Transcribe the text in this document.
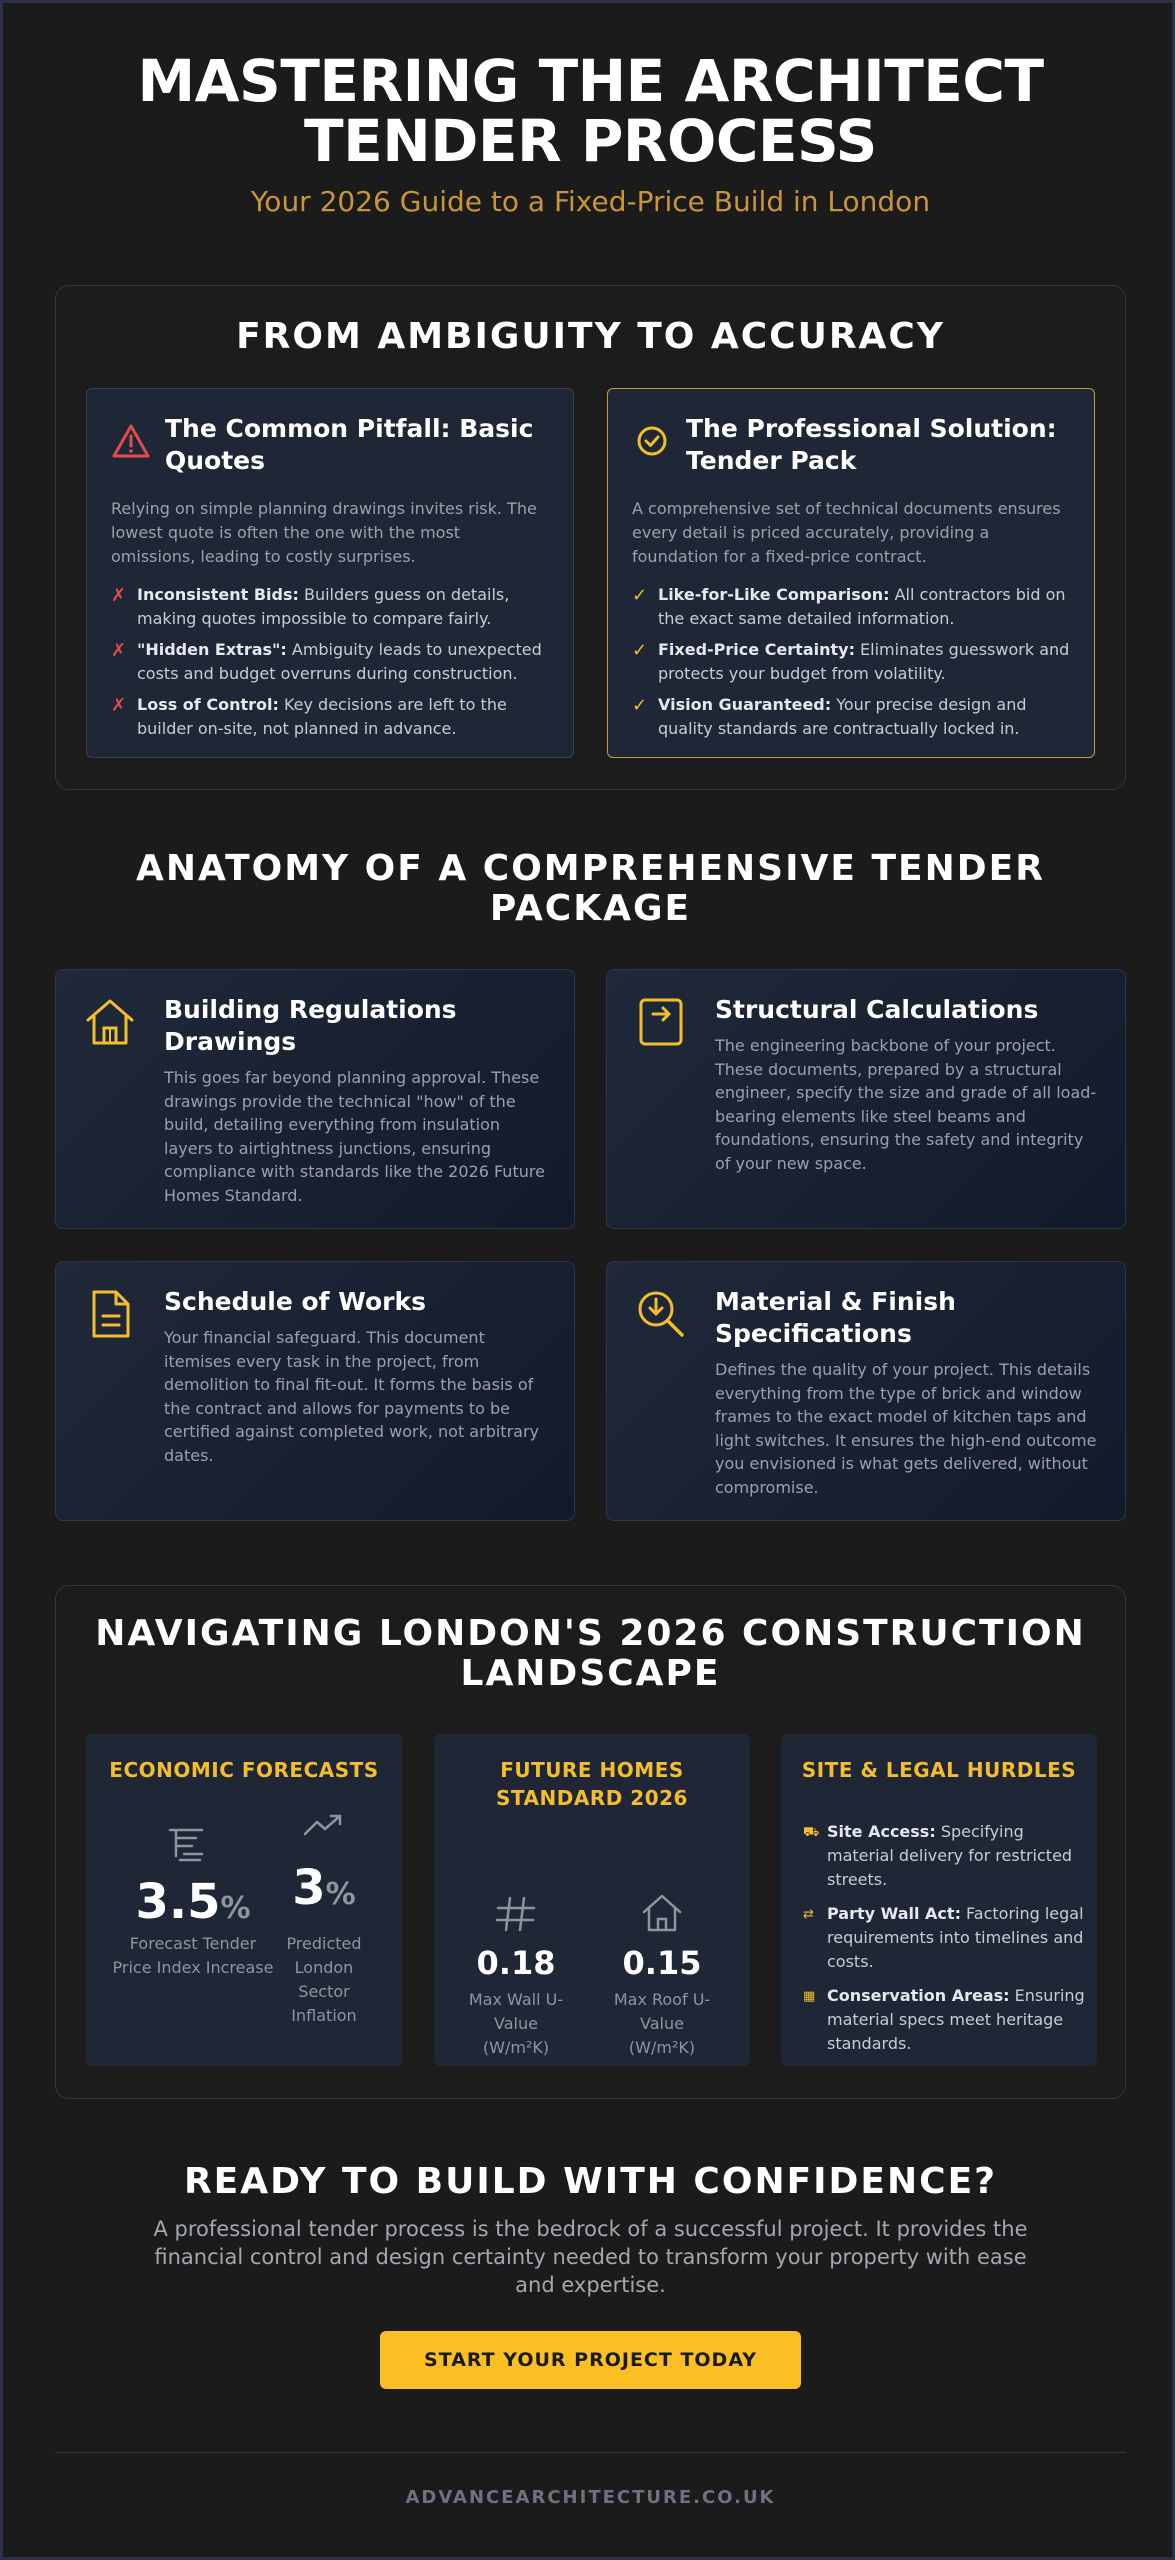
MASTERING THE ARCHITECT
TENDER PROCESS
Your 2026 Guide to a Fixed-Price Build in London
FROM AMBIGUITY TO ACCURACY
The Common Pitfall: Basic Quotes

Relying on simple planning drawings invites risk. The lowest quote is often the one with the most omissions, leading to costly surprises.

✗ Inconsistent Bids: Builders guess on details, making quotes impossible to compare fairly.
✗ "Hidden Extras": Ambiguity leads to unexpected costs and budget overruns during construction.
✗ Loss of Control: Key decisions are left to the builder on-site, not planned in advance.
The Professional Solution: Tender Pack

A comprehensive set of technical documents ensures every detail is priced accurately, providing a foundation for a fixed-price contract.

✓ Like-for-Like Comparison: All contractors bid on the exact same detailed information.
✓ Fixed-Price Certainty: Eliminates guesswork and protects your budget from volatility.
✓ Vision Guaranteed: Your precise design and quality standards are contractually locked in.
ANATOMY OF A COMPREHENSIVE TENDER
PACKAGE
Building Regulations Drawings

This goes far beyond planning approval. These drawings provide the technical "how" of the build, detailing everything from insulation layers to airtightness junctions, ensuring compliance with standards like the 2026 Future Homes Standard.

Structural Calculations

The engineering backbone of your project. These documents, prepared by a structural engineer, specify the size and grade of all load-bearing elements like steel beams and foundations, ensuring the safety and integrity of your new space.

Schedule of Works

Your financial safeguard. This document itemises every task in the project, from demolition to final fit-out. It forms the basis of the contract and allows for payments to be certified against completed work, not arbitrary dates.

Material & Finish Specifications

Defines the quality of your project. This details everything from the type of brick and window frames to the exact model of kitchen taps and light switches. It ensures the high-end outcome you envisioned is what gets delivered, without compromise.

NAVIGATING LONDON'S 2026 CONSTRUCTION
LANDSCAPE
ECONOMIC FORECASTS
3.5%
Forecast Tender
Price Index Increase
3%
Predicted
London
Sector
Inflation
FUTURE HOMES
STANDARD 2026
0.18
Max Wall U-
Value
(W/m²K)
0.15
Max Roof U-
Value
(W/m²K)
SITE & LEGAL HURDLES
⛟ Site Access: Specifying material delivery for restricted streets.
⇄ Party Wall Act: Factoring legal requirements into timelines and costs.
▦ Conservation Areas: Ensuring material specs meet heritage standards.
READY TO BUILD WITH CONFIDENCE?

A professional tender process is the bedrock of a successful project. It provides the financial control and design certainty needed to transform your property with ease and expertise.

START YOUR PROJECT TODAY
ADVANCEARCHITECTURE.CO.UK
